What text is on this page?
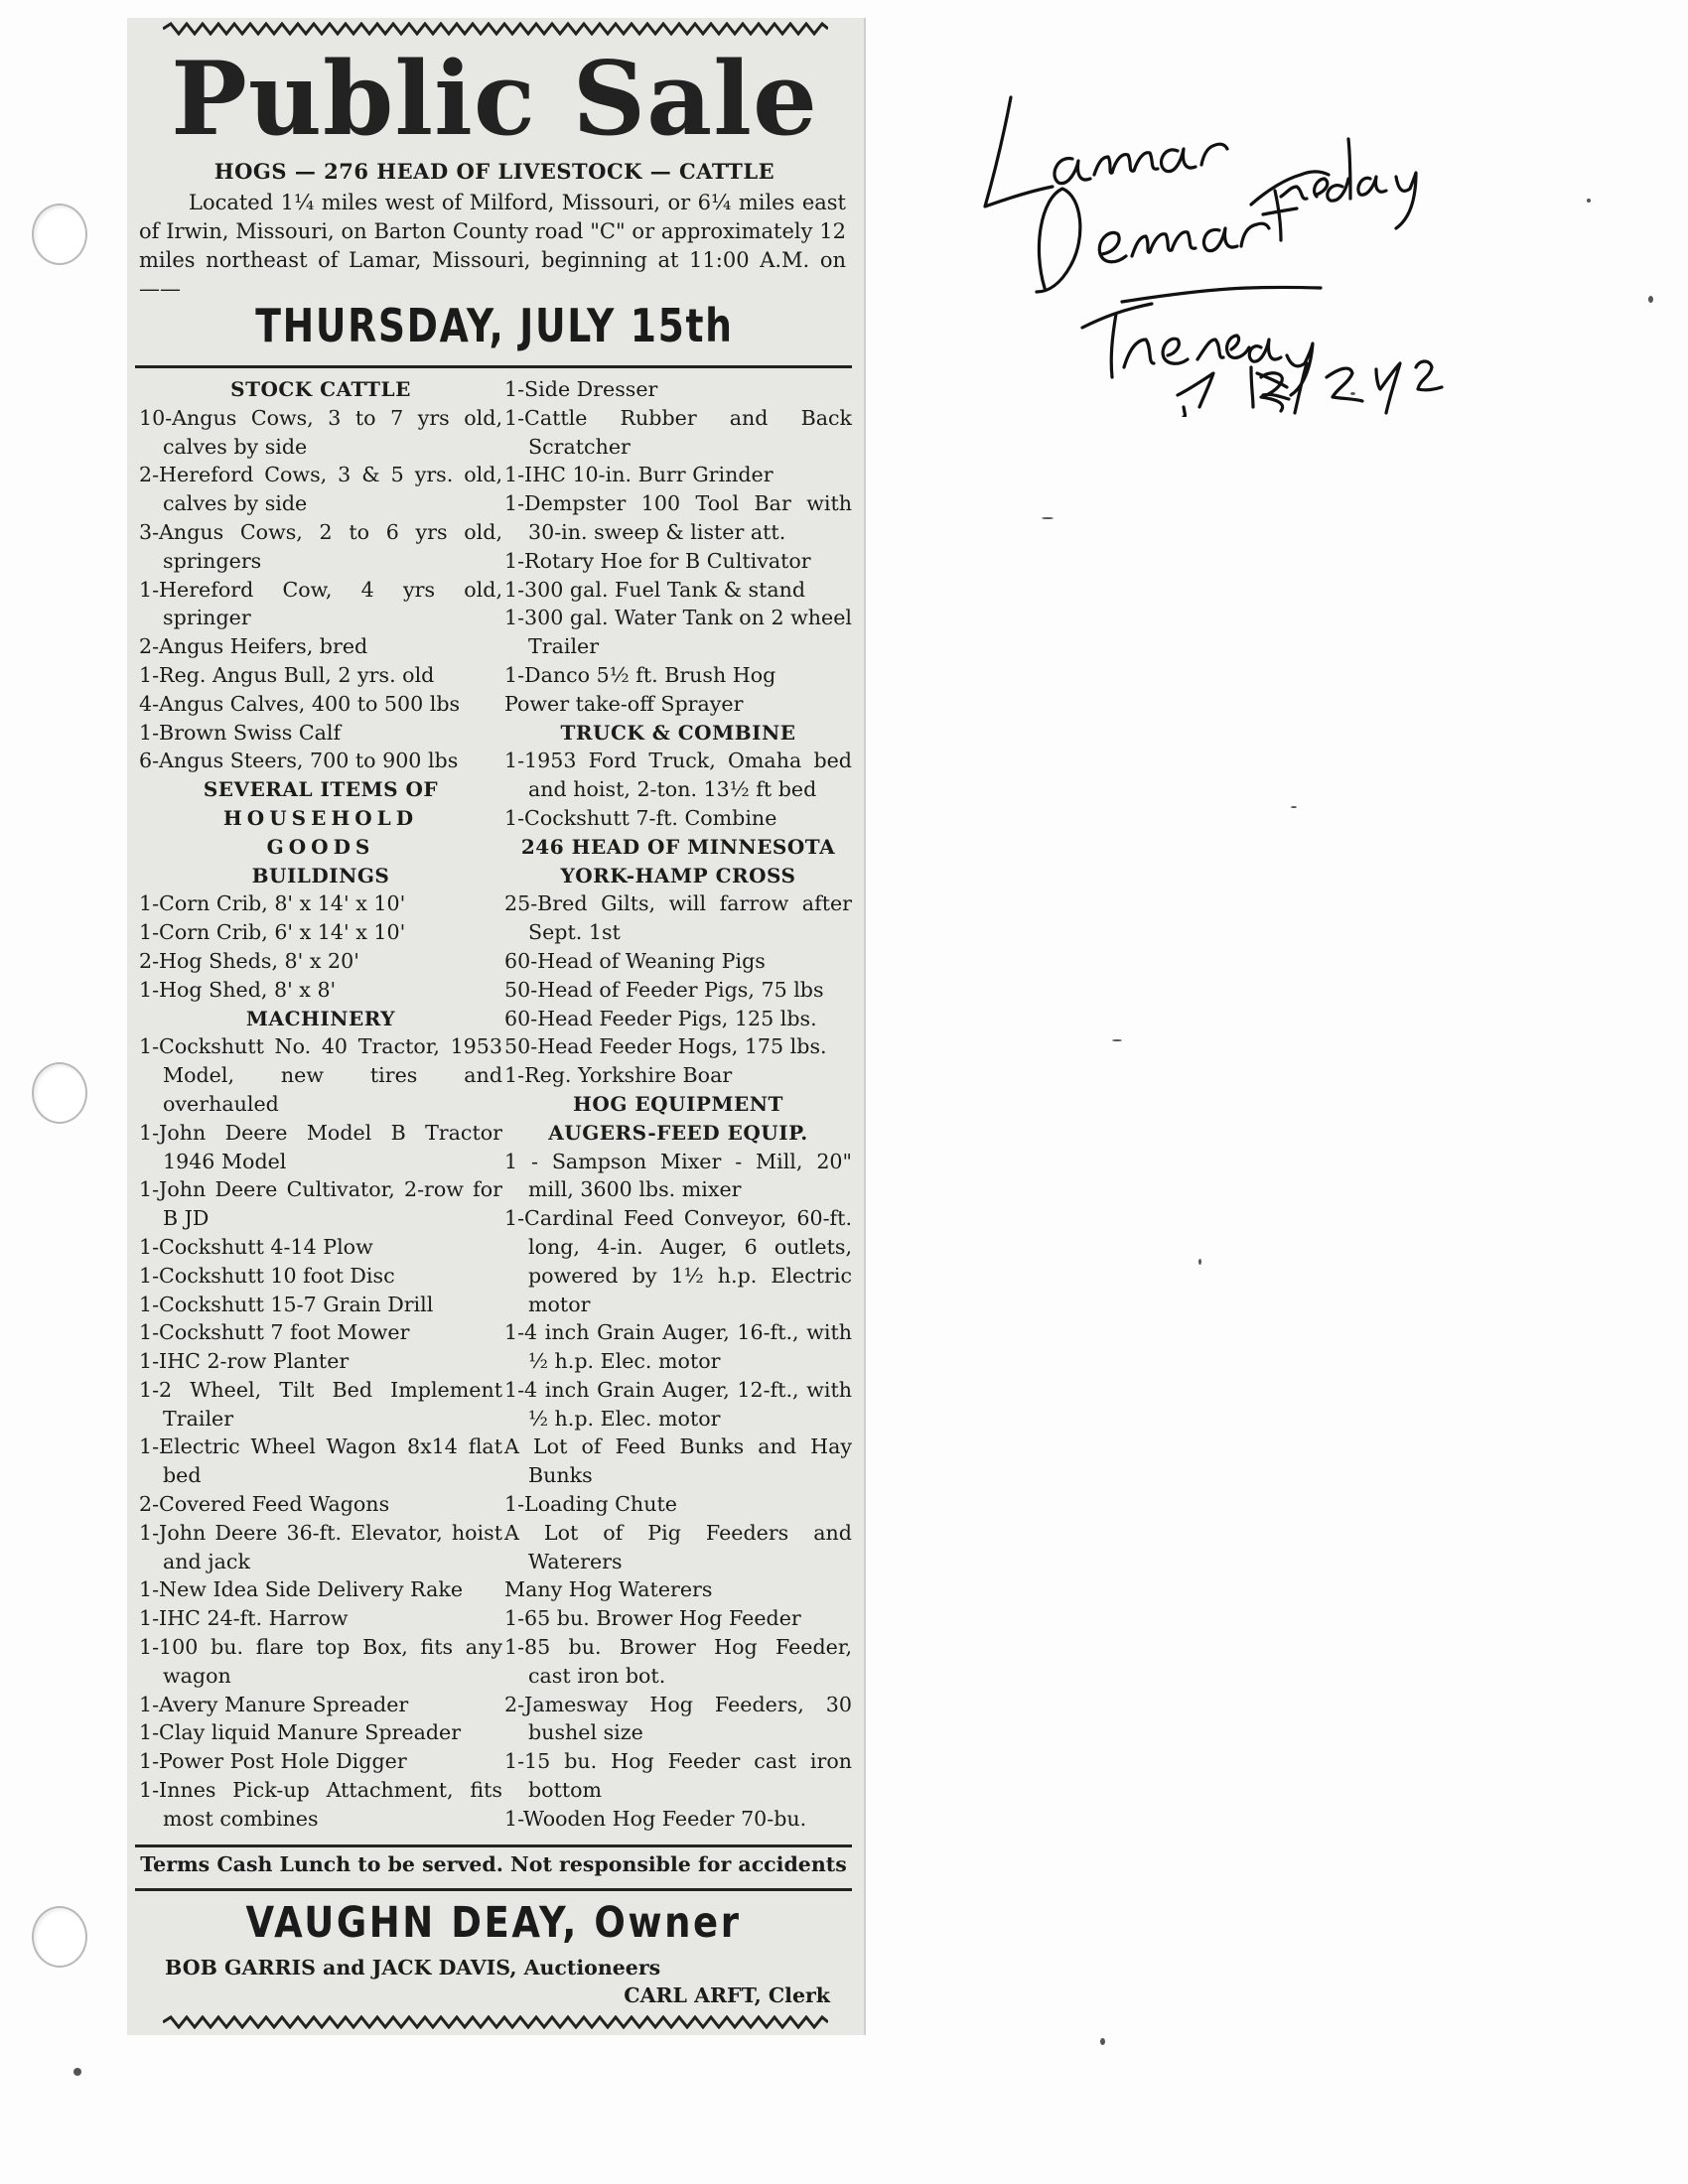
Public Sale
HOGS — 276 HEAD OF LIVESTOCK — CATTLE
Located 1¼ miles west of Milford, Missouri, or 6¼ miles east of Irwin, Missouri, on Barton County road "C" or approximately 12 miles northeast of Lamar, Missouri, beginning at 11:00 A.M. on——
THURSDAY, JULY 15th
STOCK CATTLE
10-Angus Cows, 3 to 7 yrs old, calves by side
2-Hereford Cows, 3 & 5 yrs. old, calves by side
3-Angus Cows, 2 to 6 yrs old, springers
1-Hereford Cow, 4 yrs old, springer
2-Angus Heifers, bred
1-Reg. Angus Bull, 2 yrs. old
4-Angus Calves, 400 to 500 lbs
1-Brown Swiss Calf
6-Angus Steers, 700 to 900 lbs
SEVERAL ITEMS OF
HOUSEHOLD
GOODS
BUILDINGS
1-Corn Crib, 8' x 14' x 10'
1-Corn Crib, 6' x 14' x 10'
2-Hog Sheds, 8' x 20'
1-Hog Shed, 8' x 8'
MACHINERY
1-Cockshutt No. 40 Tractor, 1953 Model, new tires and overhauled
1-John Deere Model B Tractor 1946 Model
1-John Deere Cultivator, 2-row for B JD
1-Cockshutt 4-14 Plow
1-Cockshutt 10 foot Disc
1-Cockshutt 15-7 Grain Drill
1-Cockshutt 7 foot Mower
1-IHC 2-row Planter
1-2 Wheel, Tilt Bed Implement Trailer
1-Electric Wheel Wagon 8x14 flat bed
2-Covered Feed Wagons
1-John Deere 36-ft. Elevator, hoist and jack
1-New Idea Side Delivery Rake
1-IHC 24-ft. Harrow
1-100 bu. flare top Box, fits any wagon
1-Avery Manure Spreader
1-Clay liquid Manure Spreader
1-Power Post Hole Digger
1-Innes Pick-up Attachment, fits most combines
1-Side Dresser
1-Cattle Rubber and Back Scratcher
1-IHC 10-in. Burr Grinder
1-Dempster 100 Tool Bar with 30-in. sweep & lister att.
1-Rotary Hoe for B Cultivator
1-300 gal. Fuel Tank & stand
1-300 gal. Water Tank on 2 wheel Trailer
1-Danco 5½ ft. Brush Hog
Power take-off Sprayer
TRUCK & COMBINE
1-1953 Ford Truck, Omaha bed and hoist, 2-ton. 13½ ft bed
1-Cockshutt 7-ft. Combine
246 HEAD OF MINNESOTA
YORK-HAMP CROSS
25-Bred Gilts, will farrow after Sept. 1st
60-Head of Weaning Pigs
50-Head of Feeder Pigs, 75 lbs
60-Head Feeder Pigs, 125 lbs.
50-Head Feeder Hogs, 175 lbs.
1-Reg. Yorkshire Boar
HOG EQUIPMENT
AUGERS-FEED EQUIP.
1 - Sampson Mixer - Mill, 20" mill, 3600 lbs. mixer
1-Cardinal Feed Conveyor, 60-ft. long, 4-in. Auger, 6 outlets, powered by 1½ h.p. Electric motor
1-4 inch Grain Auger, 16-ft., with ½ h.p. Elec. motor
1-4 inch Grain Auger, 12-ft., with ½ h.p. Elec. motor
A Lot of Feed Bunks and Hay Bunks
1-Loading Chute
A Lot of Pig Feeders and Waterers
Many Hog Waterers
1-65 bu. Brower Hog Feeder
1-85 bu. Brower Hog Feeder, cast iron bot.
2-Jamesway Hog Feeders, 30 bushel size
1-15 bu. Hog Feeder cast iron bottom
1-Wooden Hog Feeder 70-bu.
Terms Cash Lunch to be served. Not responsible for accidents
VAUGHN DEAY, Owner
BOB GARRIS and JACK DAVIS, Auctioneers
CARL ARFT, Clerk
